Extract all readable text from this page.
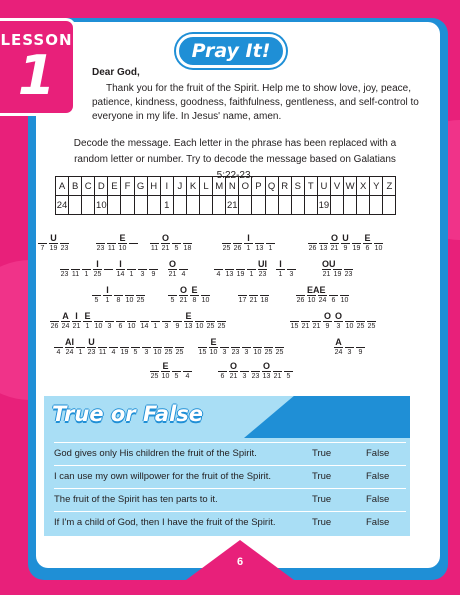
LESSON
1	Pray It!
Dear God,
Thank you for the fruit of the Spirit. Help me to show love, joy, peace, patience, kindness, goodness, faithfulness, gentleness, and self-control to everyone in my life. In Jesus' name, amen.
Decode the message. Each letter in the phrase has been replaced with a random letter or number. Try to decode the message based on Galatians 5:22-23.
A	B	C	D	E	F	G	H	I	J	K	L	M	N	O	P	Q	R	S	T	U	V	W	X	Y	Z
24			10					1					21							19					
U
7 19 23
E
23 11 10
O
11 21 5 18
I
25 26 1 13 1
O U E
26 13 21 9 19 6 10
I
23 11 1 25
I
14 1	3	9
O
21 4
UI
4 13 19 1 23
I
1	3
OU
21 19 23
I
5	1	8 10 25
O E
5 21 8 10	17 21 18
EA E
26 10 24 6 10
A I E
26 24 21 1 10 3	6 10
E
14 1	3	9 13 10 25 25
O O
15 21 21 9	3 10 25 25
AI U
4 24 1 23 11 4 19 5	3 10 25 25
E
15 10 3 23 3 10 25 25
A
24 3	9
E
25 10 5	4
O	O
6 21 3 23 13 21 5
True or False
God gives only His children the fruit of the Spirit.	True	False
I can use my own willpower for the fruit of the Spirit.	True	False
The fruit of the Spirit has ten parts to it.	True	False
If I'm a child of God, then I have the fruit of the Spirit.	True	False
6
